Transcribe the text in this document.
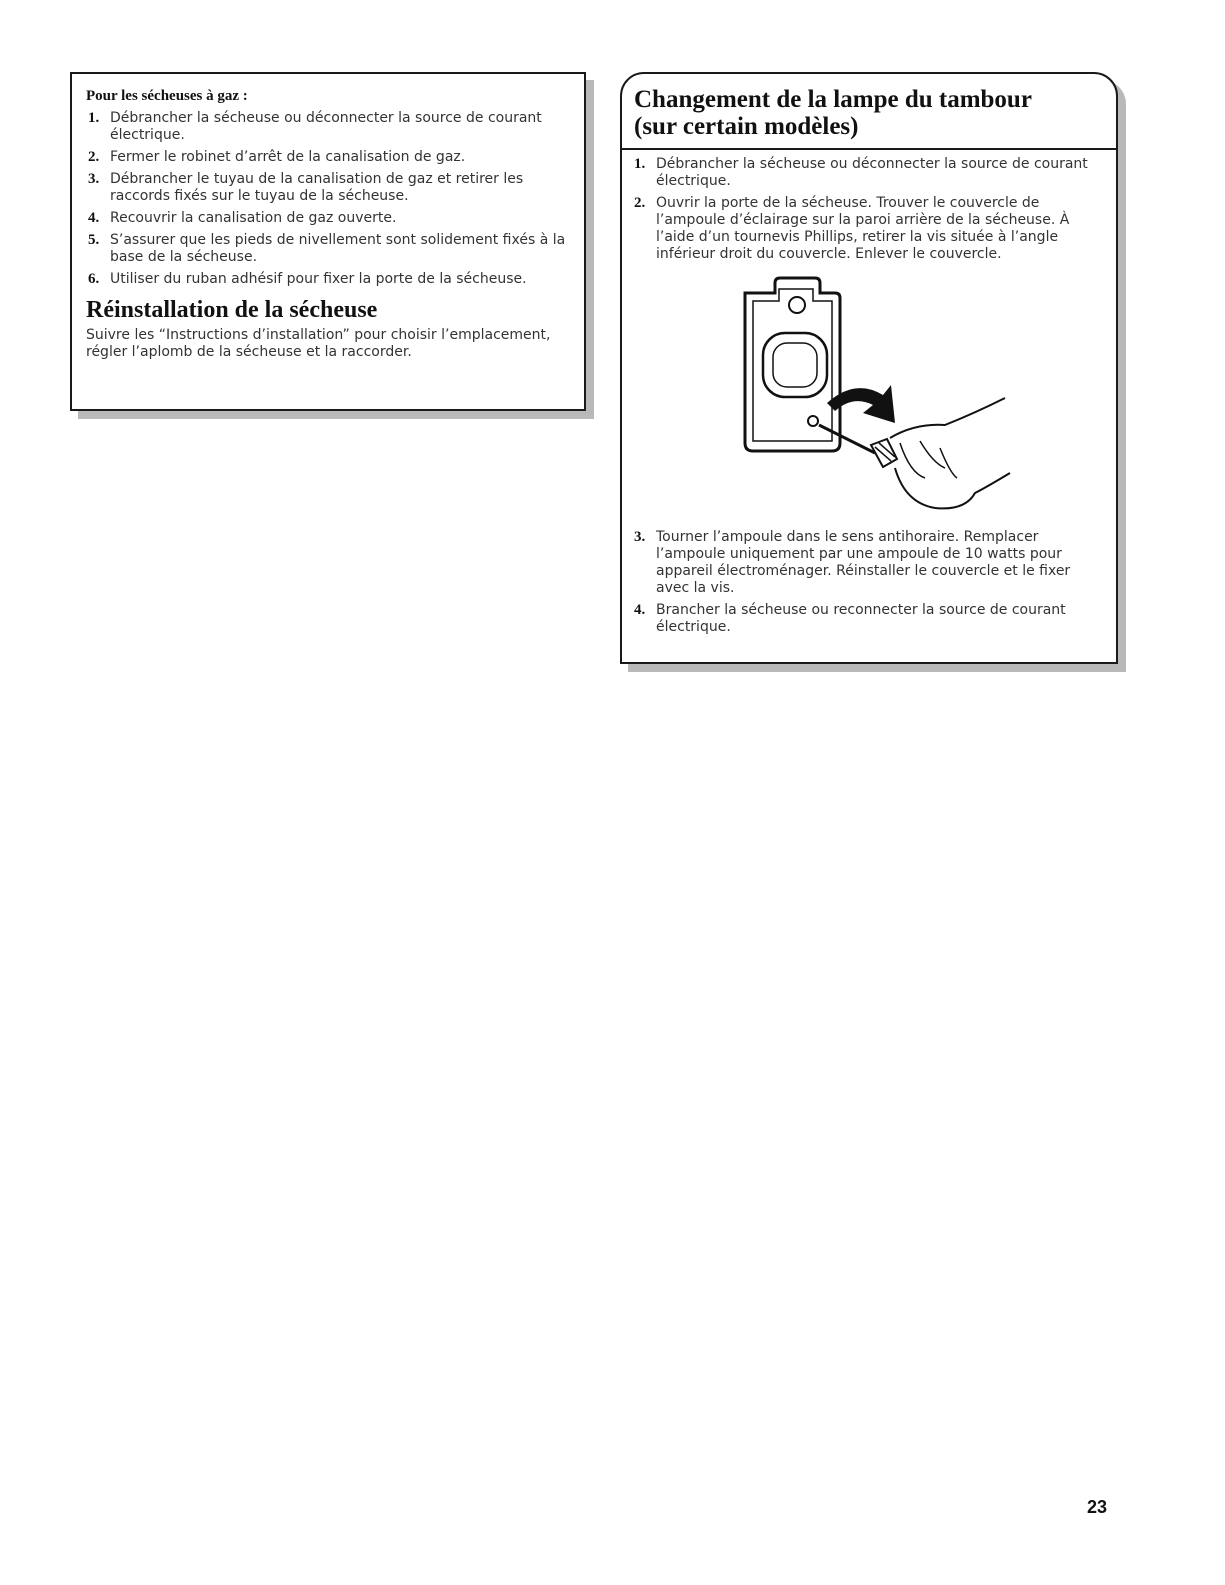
Pour les sécheuses à gaz :

1. Débrancher la sécheuse ou déconnecter la source de courant électrique.
2. Fermer le robinet d’arrêt de la canalisation de gaz.
3. Débrancher le tuyau de la canalisation de gaz et retirer les raccords fixés sur le tuyau de la sécheuse.
4. Recouvrir la canalisation de gaz ouverte.
5. S’assurer que les pieds de nivellement sont solidement fixés à la base de la sécheuse.
6. Utiliser du ruban adhésif pour fixer la porte de la sécheuse.
Réinstallation de la sécheuse

Suivre les “Instructions d’installation” pour choisir l’emplacement, régler l’aplomb de la sécheuse et la raccorder.

Changement de la lampe du tambour
(sur certain modèles)
1. Débrancher la sécheuse ou déconnecter la source de courant électrique.
2. Ouvrir la porte de la sécheuse. Trouver le couvercle de l’ampoule d’éclairage sur la paroi arrière de la sécheuse. À l’aide d’un tournevis Phillips, retirer la vis située à l’angle inférieur droit du couvercle. Enlever le couvercle.
3. Tourner l’ampoule dans le sens antihoraire. Remplacer l’ampoule uniquement par une ampoule de 10 watts pour appareil électroménager. Réinstaller le couvercle et le fixer avec la vis.
4. Brancher la sécheuse ou reconnecter la source de courant électrique.
23
